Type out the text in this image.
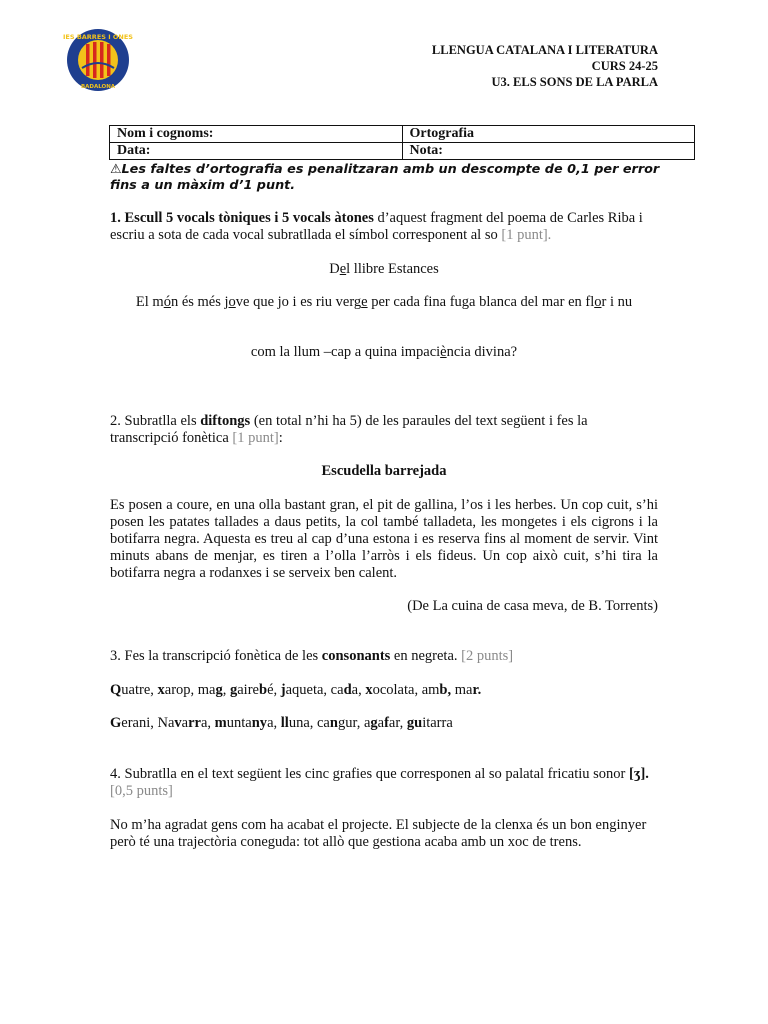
IES BARRES I ONES
BADALONA
LLENGUA CATALANA I LITERATURA
CURS 24-25
U3. ELS SONS DE LA PARLA
Nom i cognoms:	Ortografia
Data:	Nota:
⚠Les faltes d’ortografia es penalitzaran amb un descompte de 0,1 per error fins a un màxim d’1 punt.
1. Escull 5 vocals tòniques i 5 vocals àtones d’aquest fragment del poema de Carles Riba i escriu a sota de cada vocal subratllada el símbol corresponent al so [1 punt].
Del llibre Estances
El món és més jove que jo i es riu verge per cada fina fuga blanca del mar en flor i nu
com la llum –cap a quina impaciència divina?
2. Subratlla els diftongs (en total n’hi ha 5) de les paraules del text següent i fes la transcripció fonètica [1 punt]:
Escudella barrejada
Es posen a coure, en una olla bastant gran, el pit de gallina, l’os i les herbes. Un cop cuit, s’hi posen les patates tallades a daus petits, la col també talladeta, les mongetes i els cigrons i la botifarra negra. Aquesta es treu al cap d’una estona i es reserva fins al moment de servir. Vint minuts abans de menjar, es tiren a l’olla l’arròs i els fideus. Un cop això cuit, s’hi tira la botifarra negra a rodanxes i se serveix ben calent.
(De La cuina de casa meva, de B. Torrents)
3. Fes la transcripció fonètica de les consonants en negreta. [2 punts]
Quatre, xarop, mag, gairebé, jaqueta, cada, xocolata, amb, mar.
Gerani, Navarra, muntanya, lluna, cangur, agafar, guitarra
4. Subratlla en el text següent les cinc grafies que corresponen al so palatal fricatiu sonor [ʒ]. [0,5 punts]
No m’ha agradat gens com ha acabat el projecte. El subjecte de la clenxa és un bon enginyer però té una trajectòria coneguda: tot allò que gestiona acaba amb un xoc de trens.
